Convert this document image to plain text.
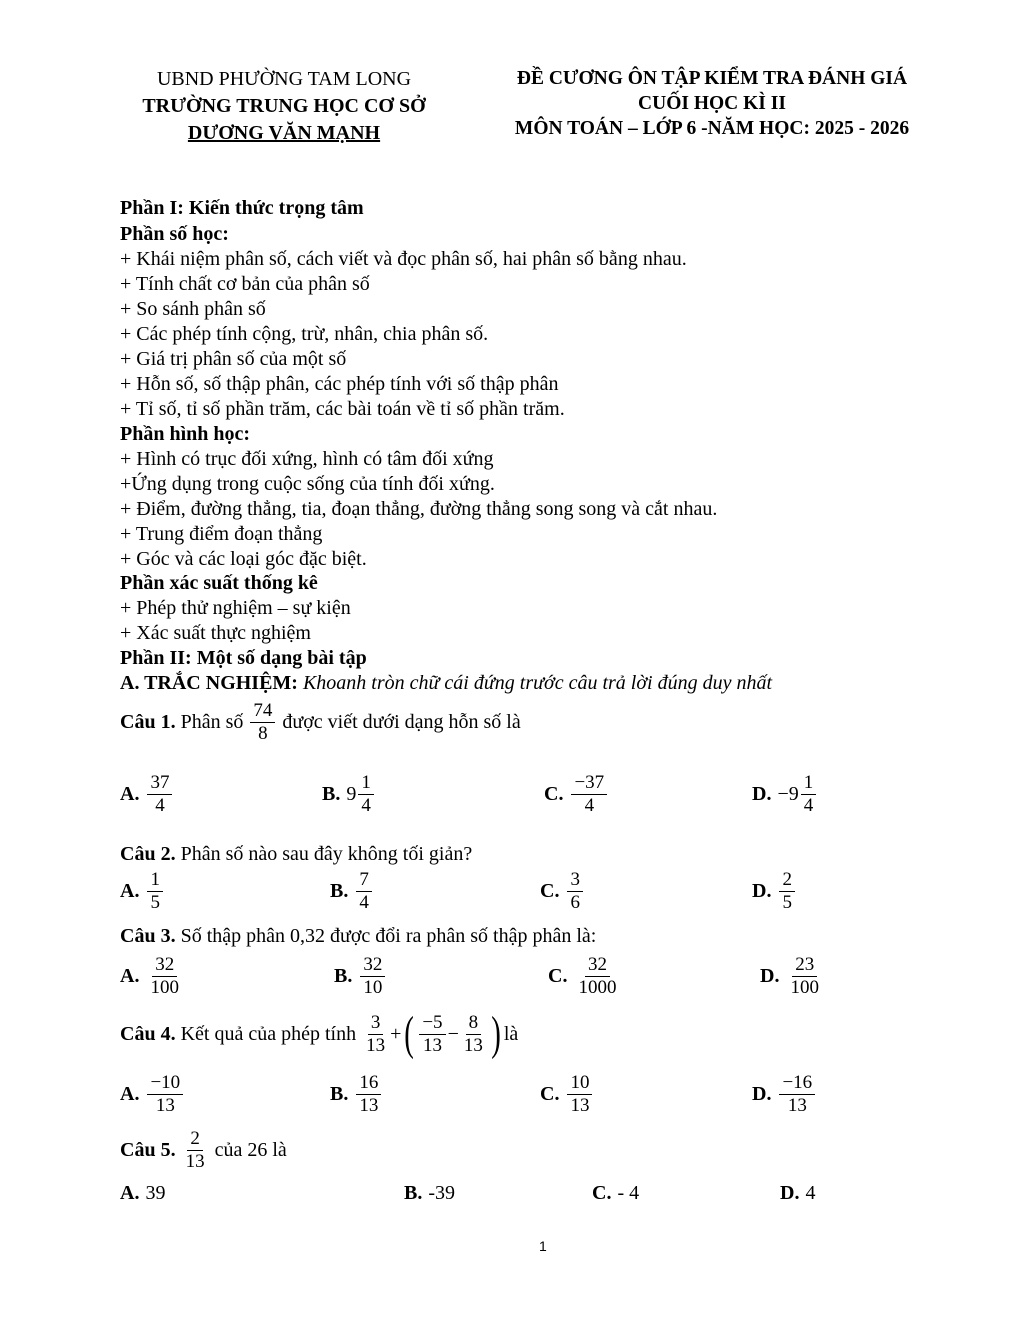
UBND PHƯỜNG TAM LONG
TRƯỜNG TRUNG HỌC CƠ SỞ
DƯƠNG VĂN MẠNH
ĐỀ CƯƠNG ÔN TẬP KIỂM TRA ĐÁNH GIÁ
CUỐI HỌC KÌ II
MÔN TOÁN – LỚP 6 -NĂM HỌC: 2025 - 2026
Phần I: Kiến thức trọng tâm
Phần số học:
+ Khái niệm phân số, cách viết và đọc phân số, hai phân số bằng nhau.
+ Tính chất cơ bản của phân số
+ So sánh phân số
+ Các phép tính cộng, trừ, nhân, chia phân số.
+ Giá trị phân số của một số
+ Hỗn số, số thập phân, các phép tính với số thập phân
+ Tỉ số, tỉ số phần trăm, các bài toán về tỉ số phần trăm.
Phần hình học:
+ Hình có trục đối xứng, hình có tâm đối xứng
+Ứng dụng trong cuộc sống của tính đối xứng.
+ Điểm, đường thẳng, tia, đoạn thẳng, đường thẳng song song và cắt nhau.
+ Trung điểm đoạn thẳng
+ Góc và các loại góc đặc biệt.
Phần xác suất thống kê
+ Phép thử nghiệm – sự kiện
+ Xác suất thực nghiệm
Phần II: Một số dạng bài tập
A. TRẮC NGHIỆM: Khoanh tròn chữ cái đứng trước câu trả lời đúng duy nhất
Câu 1.
Phân số
$\frac{74}{8}$
được viết dưới dạng hỗn số là
A. $\frac{37}{4}$	B. $9 \frac{1}{4}$	C. $\frac{-37}{4}$	D. $-9 \frac{1}{4}$
Câu 2. Phân số nào sau đây không tối giản?
A. $\frac{1}{5}$	B. $\frac{7}{4}$	C. $\frac{3}{6}$	D. $\frac{2}{5}$
Câu 3. Số thập phân 0,32 được đổi ra phân số thập phân là:
A. $\frac{32}{100}$	B. $\frac{32}{10}$	C. $\frac{32}{1000}$	D. $\frac{23}{100}$
Câu 4.
Kết quả của phép tính
$\frac{3}{13}$ + ( $\frac{-5}{13} - \frac{8}{13}$ ) là
A. $\frac{-10}{13}$	B. $\frac{16}{13}$	C. $\frac{10}{13}$	D. $\frac{-16}{13}$
Câu 5.
$\frac{2}{13}$
của 26 là
A. 39	B. -39	C. - 4	D. 4
1
